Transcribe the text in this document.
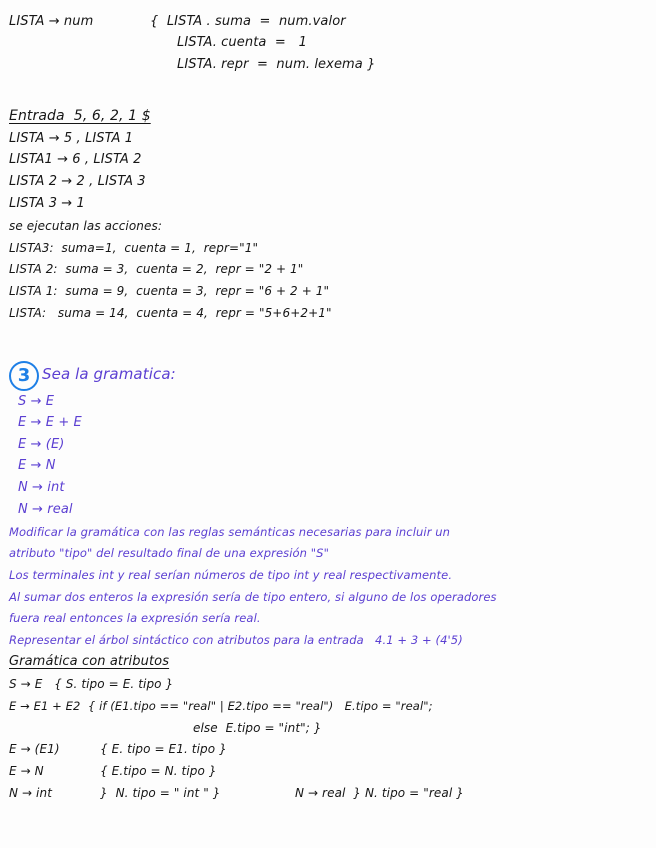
LISTA → num	{  LISTA . suma  =  num.valor
LISTA. cuenta  =   1
LISTA. repr  =  num. lexema }
Entrada  5, 6, 2, 1 $
LISTA → 5 , LISTA 1
LISTA1 → 6 , LISTA 2
LISTA 2 → 2 , LISTA 3
LISTA 3 → 1
se ejecutan las acciones:
LISTA3:  suma=1,  cuenta = 1,  repr="1"
LISTA 2:  suma = 3,  cuenta = 2,  repr = "2 + 1"
LISTA 1:  suma = 9,  cuenta = 3,  repr = "6 + 2 + 1"
LISTA:   suma = 14,  cuenta = 4,  repr = "5+6+2+1"
3 Sea la gramatica:
S → E
E → E + E
E → (E)
E → N
N → int
N → real
Modificar la gramática con las reglas semánticas necesarias para incluir un
atributo "tipo" del resultado final de una expresión "S"
Los terminales int y real serían números de tipo int y real respectivamente.
Al sumar dos enteros la expresión sería de tipo entero, si alguno de los operadores
fuera real entonces la expresión sería real.
Representar el árbol sintáctico con atributos para la entrada   4.1 + 3 + (4'5)
Gramática con atributos
S → E   { S. tipo = E. tipo }
E → E1 + E2  { if (E1.tipo == "real" | E2.tipo == "real")   E.tipo = "real";
else  E.tipo = "int"; }
E → (E1)	{ E. tipo = E1. tipo }
E → N	{ E.tipo = N. tipo }
N → int	}  N. tipo = " int " }	N → real  } N. tipo = "real }
